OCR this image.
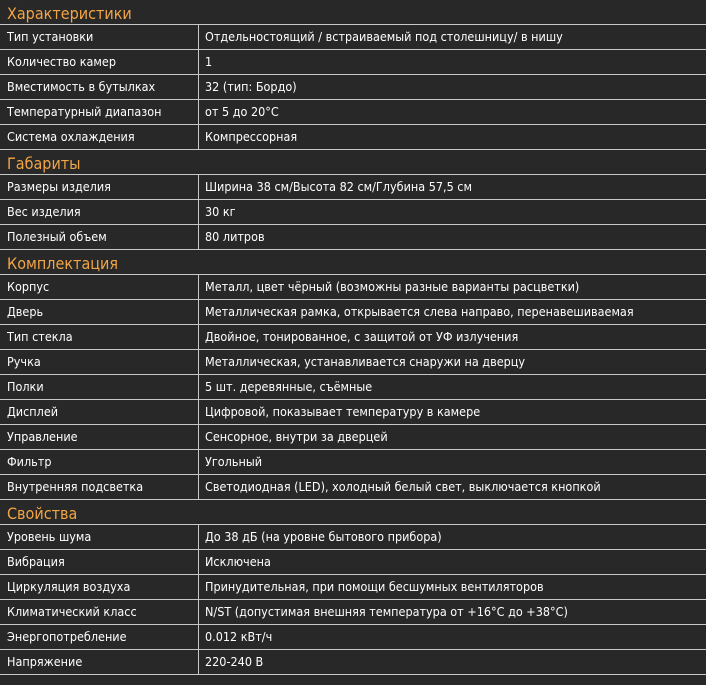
Характеристики
Тип установки	Отдельностоящий / встраиваемый под столешницу/ в нишу
Количество камер	1
Вместимость в бутылках	32 (тип: Бордо)
Температурный диапазон	от 5 до 20°С
Система охлаждения	Компрессорная
Габариты
Размеры изделия	Ширина 38 см/Высота 82 см/Глубина 57,5 см
Вес изделия	30 кг
Полезный объем	80 литров
Комплектация
Корпус	Металл, цвет чёрный (возможны разные варианты расцветки)
Дверь	Металлическая рамка, открывается слева направо, перенавешиваемая
Тип стекла	Двойное, тонированное, с защитой от УФ излучения
Ручка	Металлическая, устанавливается снаружи на дверцу
Полки	5 шт. деревянные, съёмные
Дисплей	Цифровой, показывает температуру в камере
Управление	Сенсорное, внутри за дверцей
Фильтр	Угольный
Внутренняя подсветка	Светодиодная (LED), холодный белый свет, выключается кнопкой
Свойства
Уровень шума	До 38 дБ (на уровне бытового прибора)
Вибрация	Исключена
Циркуляция воздуха	Принудительная, при помощи бесшумных вентиляторов
Климатический класс	N/ST (допустимая внешняя температура от +16°С до +38°С)
Энергопотребление	0.012 кВт/ч
Напряжение	220-240 В
